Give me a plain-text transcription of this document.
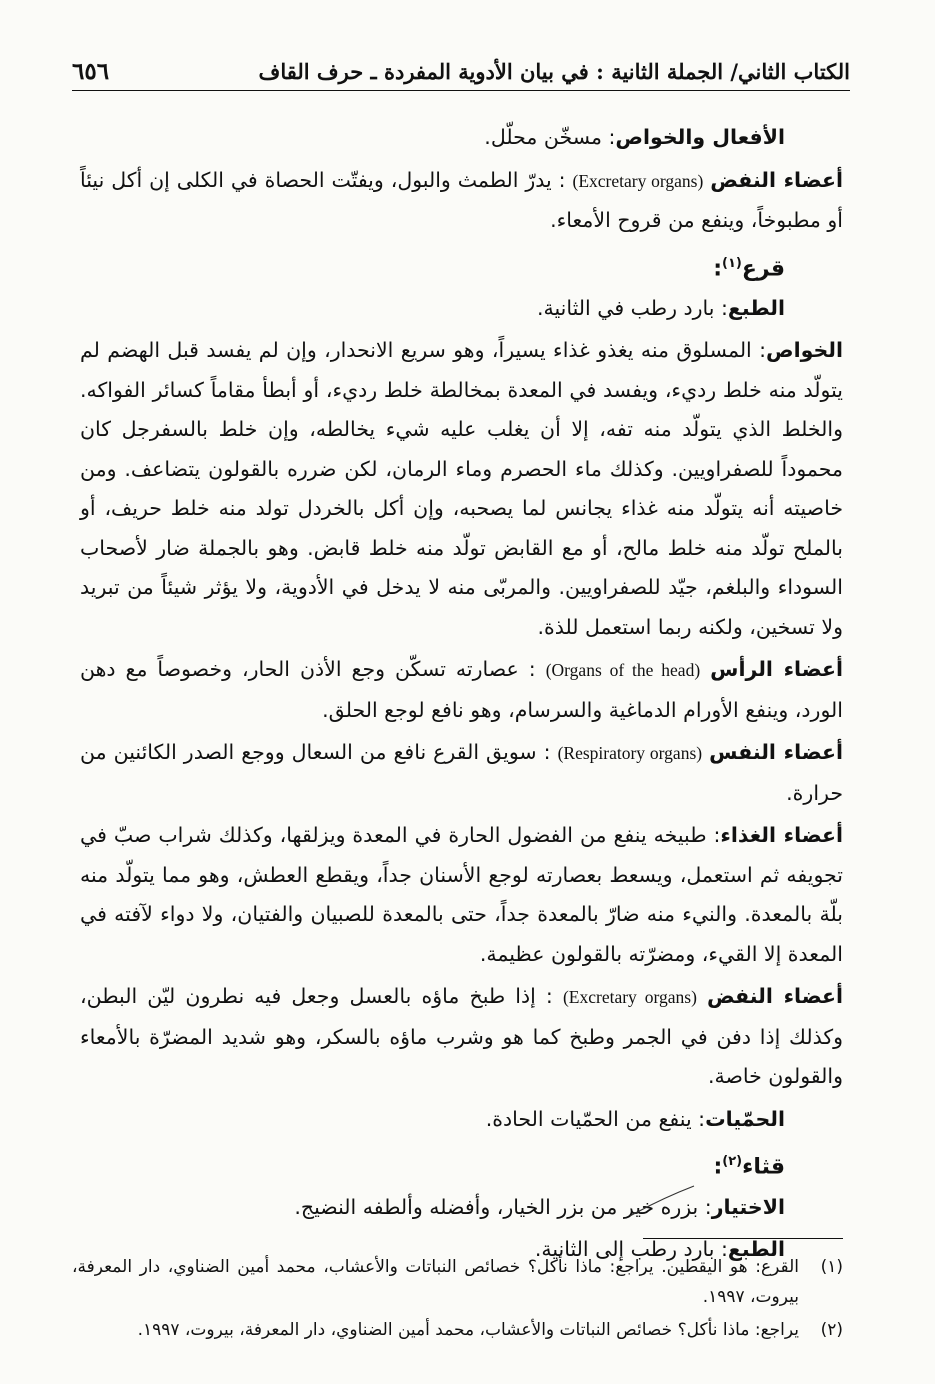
الكتاب الثاني/ الجملة الثانية : في بيان الأدوية المفردة ـ حرف القاف
٦٥٦

الأفعال والخواص: مسخّن محلّل.

أعضاء النفض (Excretary organs) : يدرّ الطمث والبول، ويفتّت الحصاة في الكلى إن أكل نيئاً أو مطبوخاً، وينفع من قروح الأمعاء.

قرع$^{(١)}$:

الطبع: بارد رطب في الثانية.

الخواص: المسلوق منه يغذو غذاء يسيراً، وهو سريع الانحدار، وإن لم يفسد قبل الهضم لم يتولّد منه خلط رديء، ويفسد في المعدة بمخالطة خلط رديء، أو أبطأ مقاماً كسائر الفواكه. والخلط الذي يتولّد منه تفه، إلا أن يغلب عليه شيء يخالطه، وإن خلط بالسفرجل كان محموداً للصفراويين. وكذلك ماء الحصرم وماء الرمان، لكن ضرره بالقولون يتضاعف. ومن خاصيته أنه يتولّد منه غذاء يجانس لما يصحبه، وإن أكل بالخردل تولد منه خلط حريف، أو بالملح تولّد منه خلط مالح، أو مع القابض تولّد منه خلط قابض. وهو بالجملة ضار لأصحاب السوداء والبلغم، جيّد للصفراويين. والمربّى منه لا يدخل في الأدوية، ولا يؤثر شيئاً من تبريد ولا تسخين، ولكنه ربما استعمل للذة.

أعضاء الرأس (Organs of the head) : عصارته تسكّن وجع الأذن الحار، وخصوصاً مع دهن الورد، وينفع الأورام الدماغية والسرسام، وهو نافع لوجع الحلق.

أعضاء النفس (Respiratory organs) : سويق القرع نافع من السعال ووجع الصدر الكائنين من حرارة.

أعضاء الغذاء: طبيخه ينفع من الفضول الحارة في المعدة ويزلقها، وكذلك شراب صبّ في تجويفه ثم استعمل، ويسعط بعصارته لوجع الأسنان جداً، ويقطع العطش، وهو مما يتولّد منه بلّة بالمعدة. والنيء منه ضارّ بالمعدة جداً، حتى بالمعدة للصبيان والفتيان، ولا دواء لآفته في المعدة إلا القيء، ومضرّته بالقولون عظيمة.

أعضاء النفض (Excretary organs) : إذا طبخ ماؤه بالعسل وجعل فيه نطرون ليّن البطن، وكذلك إذا دفن في الجمر وطبخ كما هو وشرب ماؤه بالسكر، وهو شديد المضرّة بالأمعاء والقولون خاصة.

الحمّيات: ينفع من الحمّيات الحادة.

قثاء$^{(٢)}$:

الاختيار: بزره خير من بزر الخيار، وأفضله وألطفه النضيج.

الطبع: بارد رطب إلى الثانية.

(١)
القرع: هو اليقطين. يراجع: ماذا نأكل؟ خصائص النباتات والأعشاب، محمد أمين الضناوي، دار المعرفة، بيروت، ١٩٩٧.
(٢)
يراجع: ماذا نأكل؟ خصائص النباتات والأعشاب، محمد أمين الضناوي، دار المعرفة، بيروت، ١٩٩٧.
